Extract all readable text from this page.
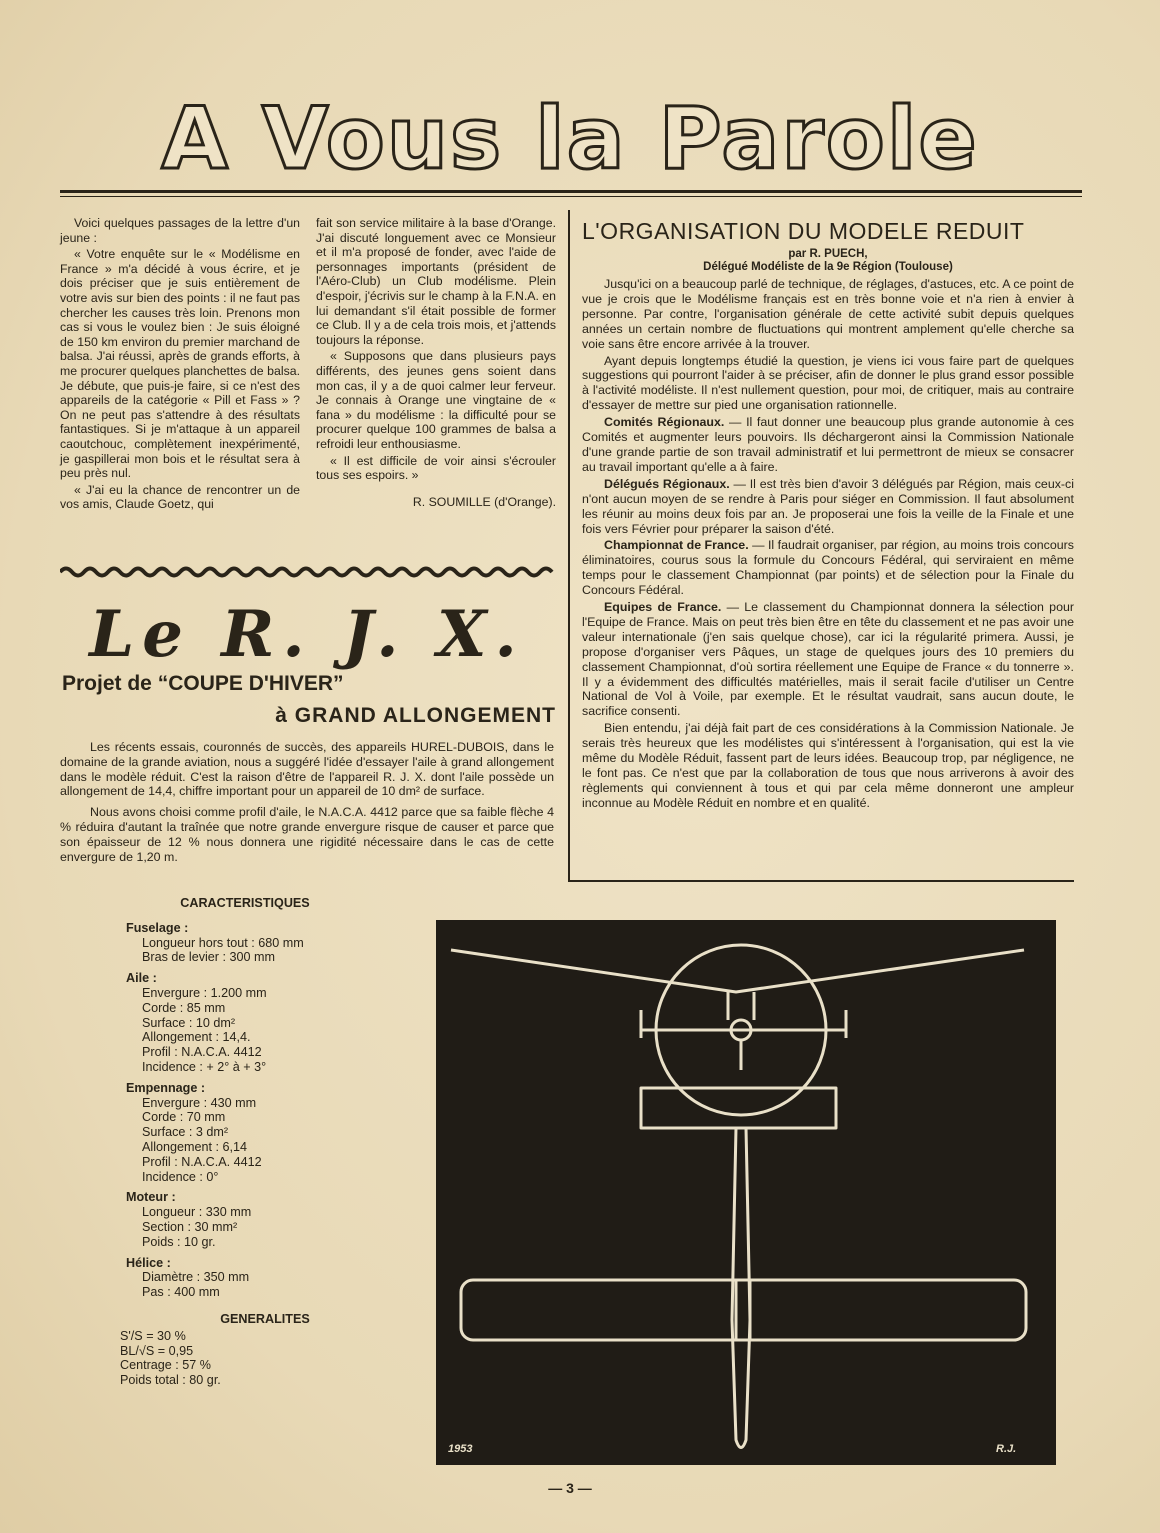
A Vous la Parole

Voici quelques passages de la lettre d'un jeune :

« Votre enquête sur le « Modélisme en France » m'a décidé à vous écrire, et je dois préciser que je suis entièrement de votre avis sur bien des points : il ne faut pas chercher les causes très loin. Prenons mon cas si vous le voulez bien : Je suis éloigné de 150 km environ du premier marchand de balsa. J'ai réussi, après de grands efforts, à me procurer quelques planchettes de balsa. Je débute, que puis-je faire, si ce n'est des appareils de la catégorie « Pill et Fass » ? On ne peut pas s'attendre à des résultats fantastiques. Si je m'attaque à un appareil caoutchouc, complètement inexpérimenté, je gaspillerai mon bois et le résultat sera à peu près nul.

« J'ai eu la chance de rencontrer un de vos amis, Claude Goetz, qui

fait son service militaire à la base d'Orange. J'ai discuté longuement avec ce Monsieur et il m'a proposé de fonder, avec l'aide de personnages importants (président de l'Aéro-Club) un Club modélisme. Plein d'espoir, j'écrivis sur le champ à la F.N.A. en lui demandant s'il était possible de former ce Club. Il y a de cela trois mois, et j'attends toujours la réponse.

« Supposons que dans plusieurs pays différents, des jeunes gens soient dans mon cas, il y a de quoi calmer leur ferveur. Je connais à Orange une vingtaine de « fana » du modélisme : la difficulté pour se procurer quelque 100 grammes de balsa a refroidi leur enthousiasme.

« Il est difficile de voir ainsi s'écrouler tous ses espoirs. »

R. SOUMILLE (d'Orange).
L'ORGANISATION DU MODELE REDUIT
par R. PUECH,
Délégué Modéliste de la 9e Région (Toulouse)

Jusqu'ici on a beaucoup parlé de technique, de réglages, d'astuces, etc. A ce point de vue je crois que le Modélisme français est en très bonne voie et n'a rien à envier à personne. Par contre, l'organisation générale de cette activité subit depuis quelques années un certain nombre de fluctuations qui montrent amplement qu'elle cherche sa voie sans être encore arrivée à la trouver.

Ayant depuis longtemps étudié la question, je viens ici vous faire part de quelques suggestions qui pourront l'aider à se préciser, afin de donner le plus grand essor possible à l'activité modéliste. Il n'est nullement question, pour moi, de critiquer, mais au contraire d'essayer de mettre sur pied une organisation rationnelle.

Comités Régionaux. — Il faut donner une beaucoup plus grande autonomie à ces Comités et augmenter leurs pouvoirs. Ils déchargeront ainsi la Commission Nationale d'une grande partie de son travail administratif et lui permettront de mieux se consacrer au travail important qu'elle a à faire.

Délégués Régionaux. — Il est très bien d'avoir 3 délégués par Région, mais ceux-ci n'ont aucun moyen de se rendre à Paris pour siéger en Commission. Il faut absolument les réunir au moins deux fois par an. Je proposerai une fois la veille de la Finale et une fois vers Février pour préparer la saison d'été.

Championnat de France. — Il faudrait organiser, par région, au moins trois concours éliminatoires, courus sous la formule du Concours Fédéral, qui serviraient en même temps pour le classement Championnat (par points) et de sélection pour la Finale du Concours Fédéral.

Equipes de France. — Le classement du Championnat donnera la sélection pour l'Equipe de France. Mais on peut très bien être en tête du classement et ne pas avoir une valeur internationale (j'en sais quelque chose), car ici la régularité primera. Aussi, je propose d'organiser vers Pâques, un stage de quelques jours des 10 premiers du classement Championnat, d'où sortira réellement une Equipe de France « du tonnerre ». Il y a évidemment des difficultés matérielles, mais il serait facile d'utiliser un Centre National de Vol à Voile, par exemple. Et le résultat vaudrait, sans aucun doute, le sacrifice consenti.

Bien entendu, j'ai déjà fait part de ces considérations à la Commission Nationale. Je serais très heureux que les modélistes qui s'intéressent à l'organisation, qui est la vie même du Modèle Réduit, fassent part de leurs idées. Beaucoup trop, par négligence, ne le font pas. Ce n'est que par la collaboration de tous que nous arriverons à avoir des règlements qui conviennent à tous et qui par cela même donneront une ampleur inconnue au Modèle Réduit en nombre et en qualité.

Le R. J. X.
Projet de “COUPE D'HIVER”
à GRAND ALLONGEMENT

Les récents essais, couronnés de succès, des appareils HUREL-DUBOIS, dans le domaine de la grande aviation, nous a suggéré l'idée d'essayer l'aile à grand allongement dans le modèle réduit. C'est la raison d'être de l'appareil R. J. X. dont l'aile possède un allongement de 14,4, chiffre important pour un appareil de 10 dm² de surface.

Nous avons choisi comme profil d'aile, le N.A.C.A. 4412 parce que sa faible flèche 4 % réduira d'autant la traînée que notre grande envergure risque de causer et parce que son épaisseur de 12 % nous donnera une rigidité nécessaire dans le cas de cette envergure de 1,20 m.

CARACTERISTIQUES
Fuselage :
Longueur hors tout : 680 mm
Bras de levier : 300 mm
Aile :
Envergure : 1.200 mm
Corde : 85 mm
Surface : 10 dm²
Allongement : 14,4.
Profil : N.A.C.A. 4412
Incidence : + 2° à + 3°
Empennage :
Envergure : 430 mm
Corde : 70 mm
Surface : 3 dm²
Allongement : 6,14
Profil : N.A.C.A. 4412
Incidence : 0°
Moteur :
Longueur : 330 mm
Section : 30 mm²
Poids : 10 gr.
Hélice :
Diamètre : 350 mm
Pas : 400 mm
GENERALITES
S'/S = 30 %
BL/√S = 0,95
Centrage : 57 %
Poids total : 80 gr.
1953	R.J.
— 3 —
